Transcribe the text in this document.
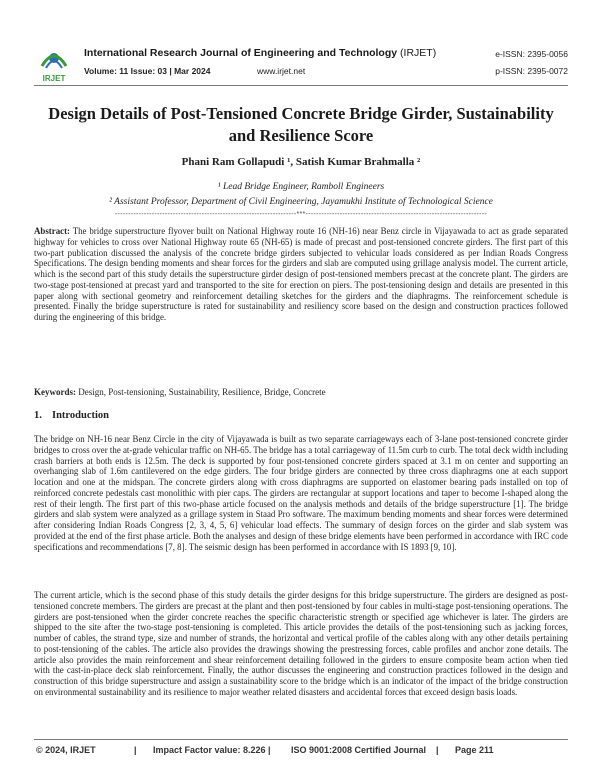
IRJET
International Research Journal of Engineering and Technology (IRJET)
Volume: 11 Issue: 03 | Mar 2024	www.irjet.net
e-ISSN: 2395-0056
p-ISSN: 2395-0072
Design Details of Post-Tensioned Concrete Bridge Girder, Sustainability and Resilience Score
Phani Ram Gollapudi ¹, Satish Kumar Brahmalla ²
¹ Lead Bridge Engineer, Ramboll Engineers
² Assistant Professor, Department of Civil Engineering, Jayamukhi Institute of Technological Science
---------------------------------------------------------------------***---------------------------------------------------------------------

Abstract: The bridge superstructure flyover built on National Highway route 16 (NH-16) near Benz circle in Vijayawada to act as grade separated highway for vehicles to cross over National Highway route 65 (NH-65) is made of precast and post-tensioned concrete girders. The first part of this two-part publication discussed the analysis of the concrete bridge girders subjected to vehicular loads considered as per Indian Roads Congress Specifications. The design bending moments and shear forces for the girders and slab are computed using grillage analysis model. The current article, which is the second part of this study details the superstructure girder design of post-tensioned members precast at the concrete plant. The girders are two-stage post-tensioned at precast yard and transported to the site for erection on piers. The post-tensioning design and details are presented in this paper along with sectional geometry and reinforcement detailing sketches for the girders and the diaphragms. The reinforcement schedule is presented. Finally the bridge superstructure is rated for sustainability and resiliency score based on the design and construction practices followed during the engineering of this bridge.

Keywords: Design, Post-tensioning, Sustainability, Resilience, Bridge, Concrete

1. Introduction

The bridge on NH-16 near Benz Circle in the city of Vijayawada is built as two separate carriageways each of 3-lane post-tensioned concrete girder bridges to cross over the at-grade vehicular traffic on NH-65. The bridge has a total carriageway of 11.5m curb to curb. The total deck width including crash barriers at both ends is 12.5m. The deck is supported by four post-tensioned concrete girders spaced at 3.1 m on center and supporting an overhanging slab of 1.6m cantilevered on the edge girders. The four bridge girders are connected by three cross diaphragms one at each support location and one at the midspan. The concrete girders along with cross diaphragms are supported on elastomer bearing pads installed on top of reinforced concrete pedestals cast monolithic with pier caps. The girders are rectangular at support locations and taper to become I-shaped along the rest of their length. The first part of this two-phase article focused on the analysis methods and details of the bridge superstructure [1]. The bridge girders and slab system were analyzed as a grillage system in Staad Pro software. The maximum bending moments and shear forces were determined after considering Indian Roads Congress [2, 3, 4, 5, 6] vehicular load effects. The summary of design forces on the girder and slab system was provided at the end of the first phase article. Both the analyses and design of these bridge elements have been performed in accordance with IRC code specifications and recommendations [7, 8]. The seismic design has been performed in accordance with IS 1893 [9, 10].

The current article, which is the second phase of this study details the girder designs for this bridge superstructure. The girders are designed as post-tensioned concrete members. The girders are precast at the plant and then post-tensioned by four cables in multi-stage post-tensioning operations. The girders are post-tensioned when the girder concrete reaches the specific characteristic strength or specified age whichever is later. The girders are shipped to the site after the two-stage post-tensioning is completed. This article provides the details of the post-tensioning such as jacking forces, number of cables, the strand type, size and number of strands, the horizontal and vertical profile of the cables along with any other details pertaining to post-tensioning of the cables. The article also provides the drawings showing the prestressing forces, cable profiles and anchor zone details. The article also provides the main reinforcement and shear reinforcement detailing followed in the girders to ensure composite beam action when tied with the cast-in-place deck slab reinforcement. Finally, the author discusses the engineering and construction practices followed in the design and construction of this bridge superstructure and assign a sustainability score to the bridge which is an indicator of the impact of the bridge construction on environmental sustainability and its resilience to major weather related disasters and accidental forces that exceed design basis loads.

© 2024, IRJET	| Impact Factor value: 8.226 | ISO 9001:2008 Certified Journal | Page 211
